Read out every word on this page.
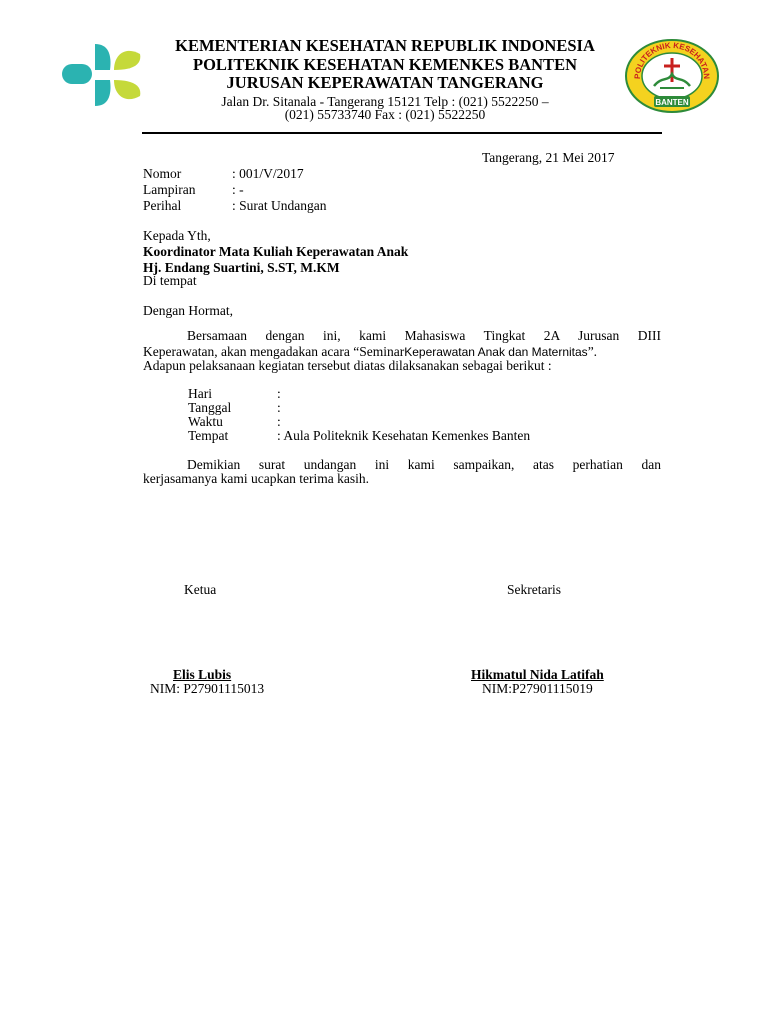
KEMENTERIAN KESEHATAN REPUBLIK INDONESIA
POLITEKNIK KESEHATAN KEMENKES BANTEN
JURUSAN KEPERAWATAN TANGERANG
Jalan Dr. Sitanala - Tangerang 15121 Telp : (021) 5522250 –
(021) 55733740 Fax : (021) 5522250
POLITEKNIK KESEHATAN
BANTEN
Tangerang, 21 Mei 2017
Nomor	: 001/V/2017
Lampiran	: -
Perihal	: Surat Undangan
Kepada Yth,
Koordinator Mata Kuliah Keperawatan Anak
Hj. Endang Suartini, S.ST, M.KM
Di tempat
Dengan Hormat,
Bersamaan dengan ini, kami Mahasiswa Tingkat 2A Jurusan DIII
Keperawatan, akan mengadakan acara “SeminarKeperawatan Anak dan Maternitas”.
Adapun pelaksanaan kegiatan tersebut diatas dilaksanakan sebagai berikut :
Hari	:
Tanggal	:
Waktu	:
Tempat	: Aula Politeknik Kesehatan Kemenkes Banten
Demikian surat undangan ini kami sampaikan, atas perhatian dan
kerjasamanya kami ucapkan terima kasih.
Ketua	Sekretaris
Elis Lubis
NIM: P27901115013
Hikmatul Nida Latifah
NIM:P27901115019
